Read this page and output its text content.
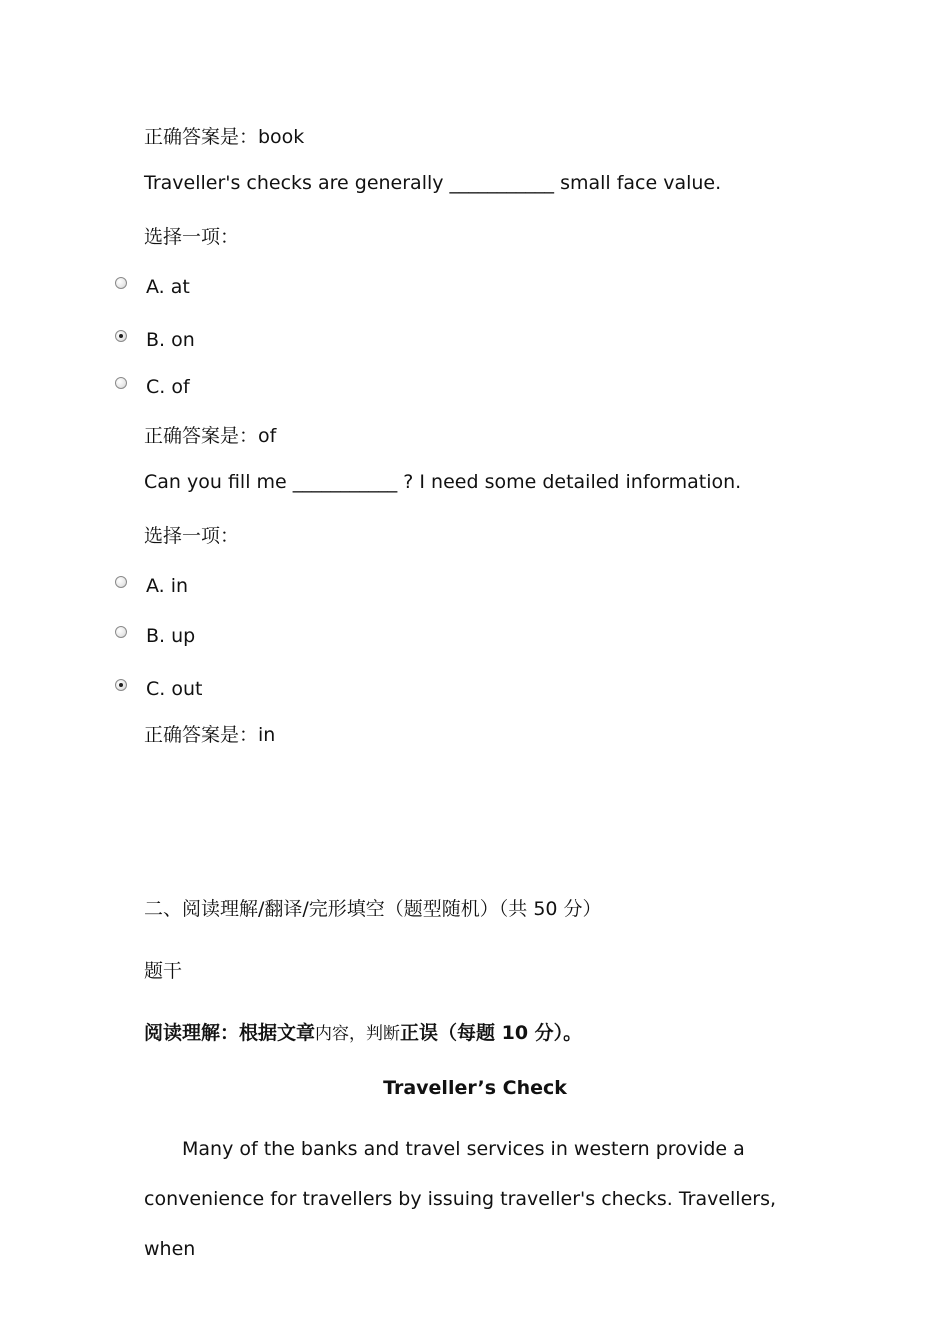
正确答案是：book
Traveller's checks are generally ___________ small face value.
选择一项：
A. at
B. on
C. of
正确答案是：of
Can you fill me ___________ ? I need some detailed information.
选择一项：
A. in
B. up
C. out
正确答案是：in
二、阅读理解/翻译/完形填空（题型随机）（共 50 分）
题干
阅读理解：根据文章内容，判断正误（每题 10 分）。
Traveller’s Check
Many of the banks and travel services in western provide a convenience for travellers by issuing traveller's checks. Travellers, when
